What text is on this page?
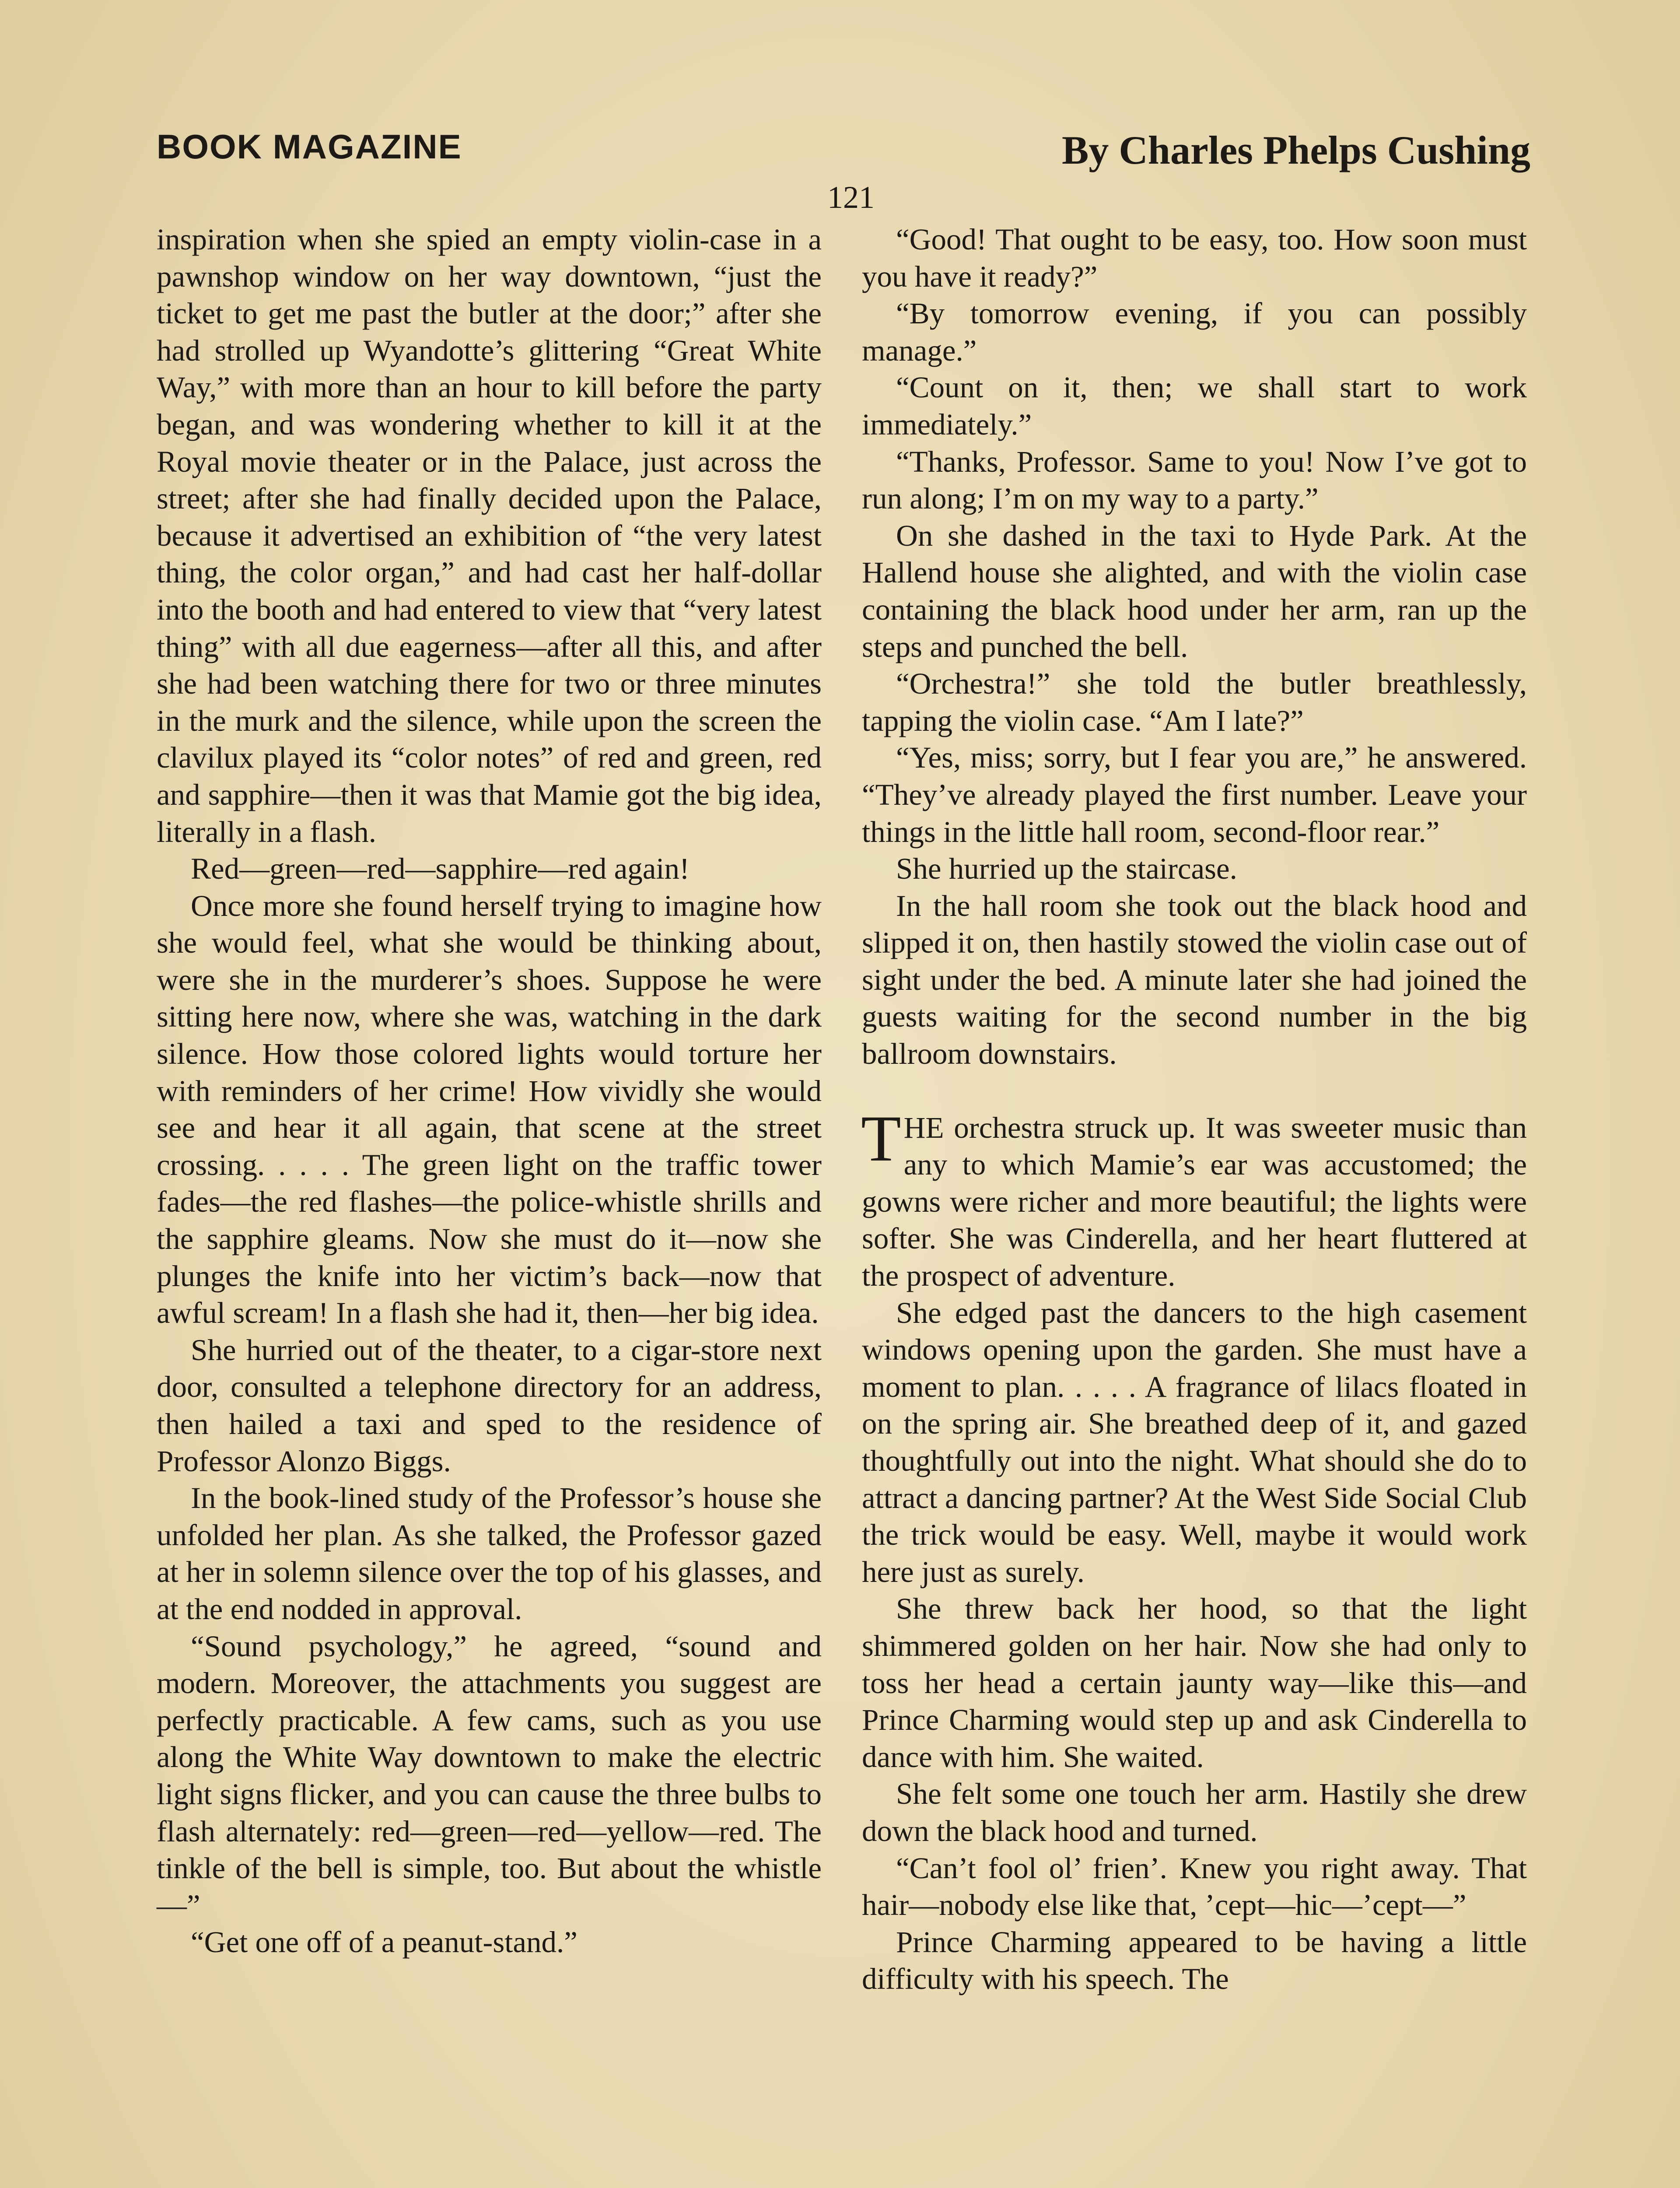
BOOK MAGAZINE	By Charles Phelps Cushing
121

inspiration when she spied an empty violin-case in a pawnshop window on her way downtown, “just the ticket to get me past the butler at the door;” after she had strolled up Wyandotte’s glittering “Great White Way,” with more than an hour to kill before the party began, and was wondering whether to kill it at the Royal movie theater or in the Palace, just across the street; after she had finally decided upon the Palace, because it advertised an exhibition of “the very latest thing, the color organ,” and had cast her half-dollar into the booth and had entered to view that “very latest thing” with all due eagerness—after all this, and after she had been watching there for two or three minutes in the murk and the silence, while upon the screen the clavilux played its “color notes” of red and green, red and sapphire—then it was that Mamie got the big idea, literally in a flash.

Red—green—red—sapphire—red again!

Once more she found herself trying to imagine how she would feel, what she would be thinking about, were she in the murderer’s shoes. Suppose he were sitting here now, where she was, watching in the dark silence. How those colored lights would torture her with reminders of her crime! How vividly she would see and hear it all again, that scene at the street crossing. . . . . The green light on the traffic tower fades—the red flashes—the police-whistle shrills and the sapphire gleams. Now she must do it—now she plunges the knife into her victim’s back—now that awful scream! In a flash she had it, then—her big idea.

She hurried out of the theater, to a cigar-store next door, consulted a telephone directory for an address, then hailed a taxi and sped to the residence of Professor Alonzo Biggs.

In the book-lined study of the Professor’s house she unfolded her plan. As she talked, the Professor gazed at her in solemn silence over the top of his glasses, and at the end nodded in approval.

“Sound psychology,” he agreed, “sound and modern. Moreover, the attachments you suggest are perfectly practicable. A few cams, such as you use along the White Way downtown to make the electric light signs flicker, and you can cause the three bulbs to flash alternately: red—green—red—yellow—red. The tinkle of the bell is simple, too. But about the whistle—”

“Get one off of a peanut-stand.”

“Good! That ought to be easy, too. How soon must you have it ready?”

“By tomorrow evening, if you can possibly manage.”

“Count on it, then; we shall start to work immediately.”

“Thanks, Professor. Same to you! Now I’ve got to run along; I’m on my way to a party.”

On she dashed in the taxi to Hyde Park. At the Hallend house she alighted, and with the violin case containing the black hood under her arm, ran up the steps and punched the bell.

“Orchestra!” she told the butler breathlessly, tapping the violin case. “Am I late?”

“Yes, miss; sorry, but I fear you are,” he answered. “They’ve already played the first number. Leave your things in the little hall room, second-floor rear.”

She hurried up the staircase.

In the hall room she took out the black hood and slipped it on, then hastily stowed the violin case out of sight under the bed. A minute later she had joined the guests waiting for the second number in the big ballroom downstairs.

THE orchestra struck up. It was sweeter music than any to which Mamie’s ear was accustomed; the gowns were richer and more beautiful; the lights were softer. She was Cinderella, and her heart fluttered at the prospect of adventure.

She edged past the dancers to the high casement windows opening upon the garden. She must have a moment to plan. . . . . A fragrance of lilacs floated in on the spring air. She breathed deep of it, and gazed thoughtfully out into the night. What should she do to attract a dancing partner? At the West Side Social Club the trick would be easy. Well, maybe it would work here just as surely.

She threw back her hood, so that the light shimmered golden on her hair. Now she had only to toss her head a certain jaunty way—like this—and Prince Charming would step up and ask Cinderella to dance with him. She waited.

She felt some one touch her arm. Hastily she drew down the black hood and turned.

“Can’t fool ol’ frien’. Knew you right away. That hair—nobody else like that, ’cept—hic—’cept—”

Prince Charming appeared to be having a little difficulty with his speech. The
